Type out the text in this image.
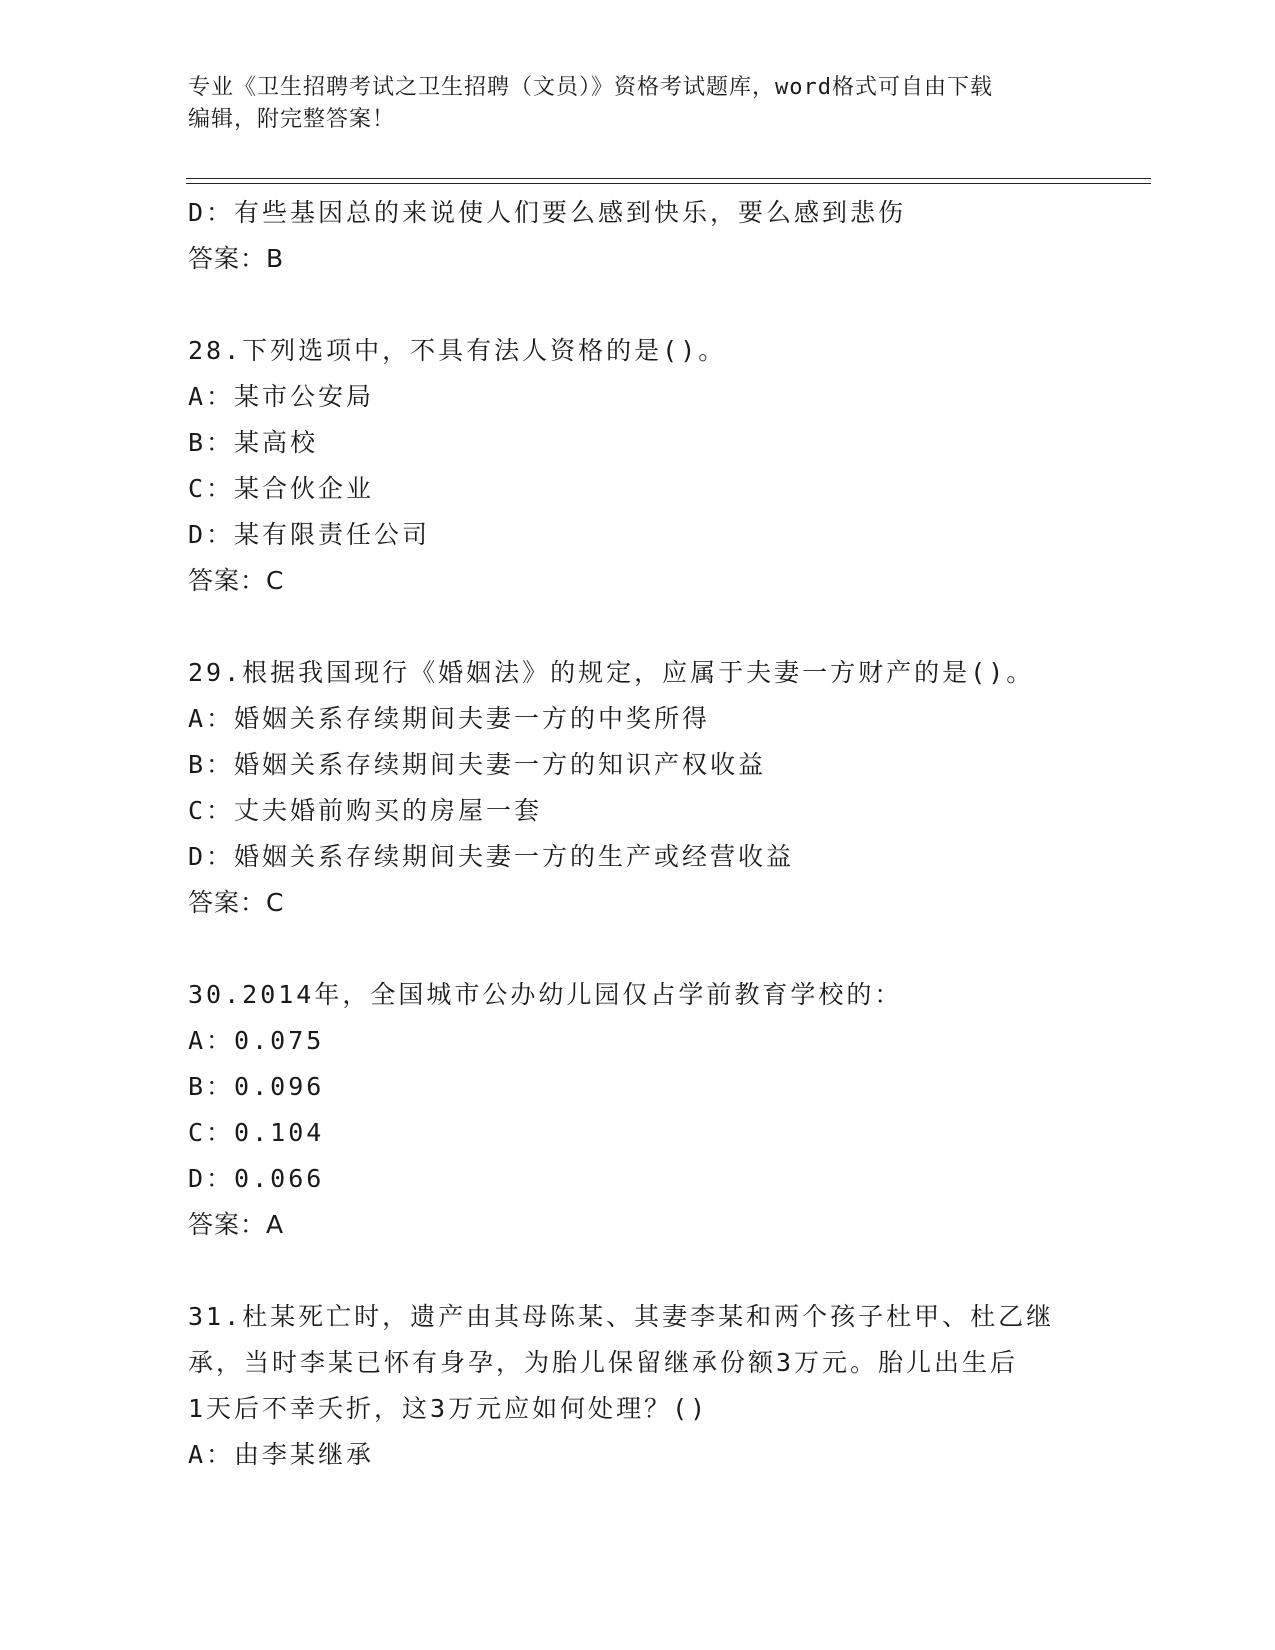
专业《卫生招聘考试之卫生招聘（文员）》资格考试题库，word格式可自由下载
编辑，附完整答案！
D：有些基因总的来说使人们要么感到快乐，要么感到悲伤
答案：B
28.下列选项中，不具有法人资格的是()。
A：某市公安局
B：某高校
C：某合伙企业
D：某有限责任公司
答案：C
29.根据我国现行《婚姻法》的规定，应属于夫妻一方财产的是()。
A：婚姻关系存续期间夫妻一方的中奖所得
B：婚姻关系存续期间夫妻一方的知识产权收益
C：丈夫婚前购买的房屋一套
D：婚姻关系存续期间夫妻一方的生产或经营收益
答案：C
30.2014年，全国城市公办幼儿园仅占学前教育学校的：
A：0.075
B：0.096
C：0.104
D：0.066
答案：A
31.杜某死亡时，遗产由其母陈某、其妻李某和两个孩子杜甲、杜乙继
承，当时李某已怀有身孕，为胎儿保留继承份额3万元。胎儿出生后
1天后不幸夭折，这3万元应如何处理？()
A：由李某继承
